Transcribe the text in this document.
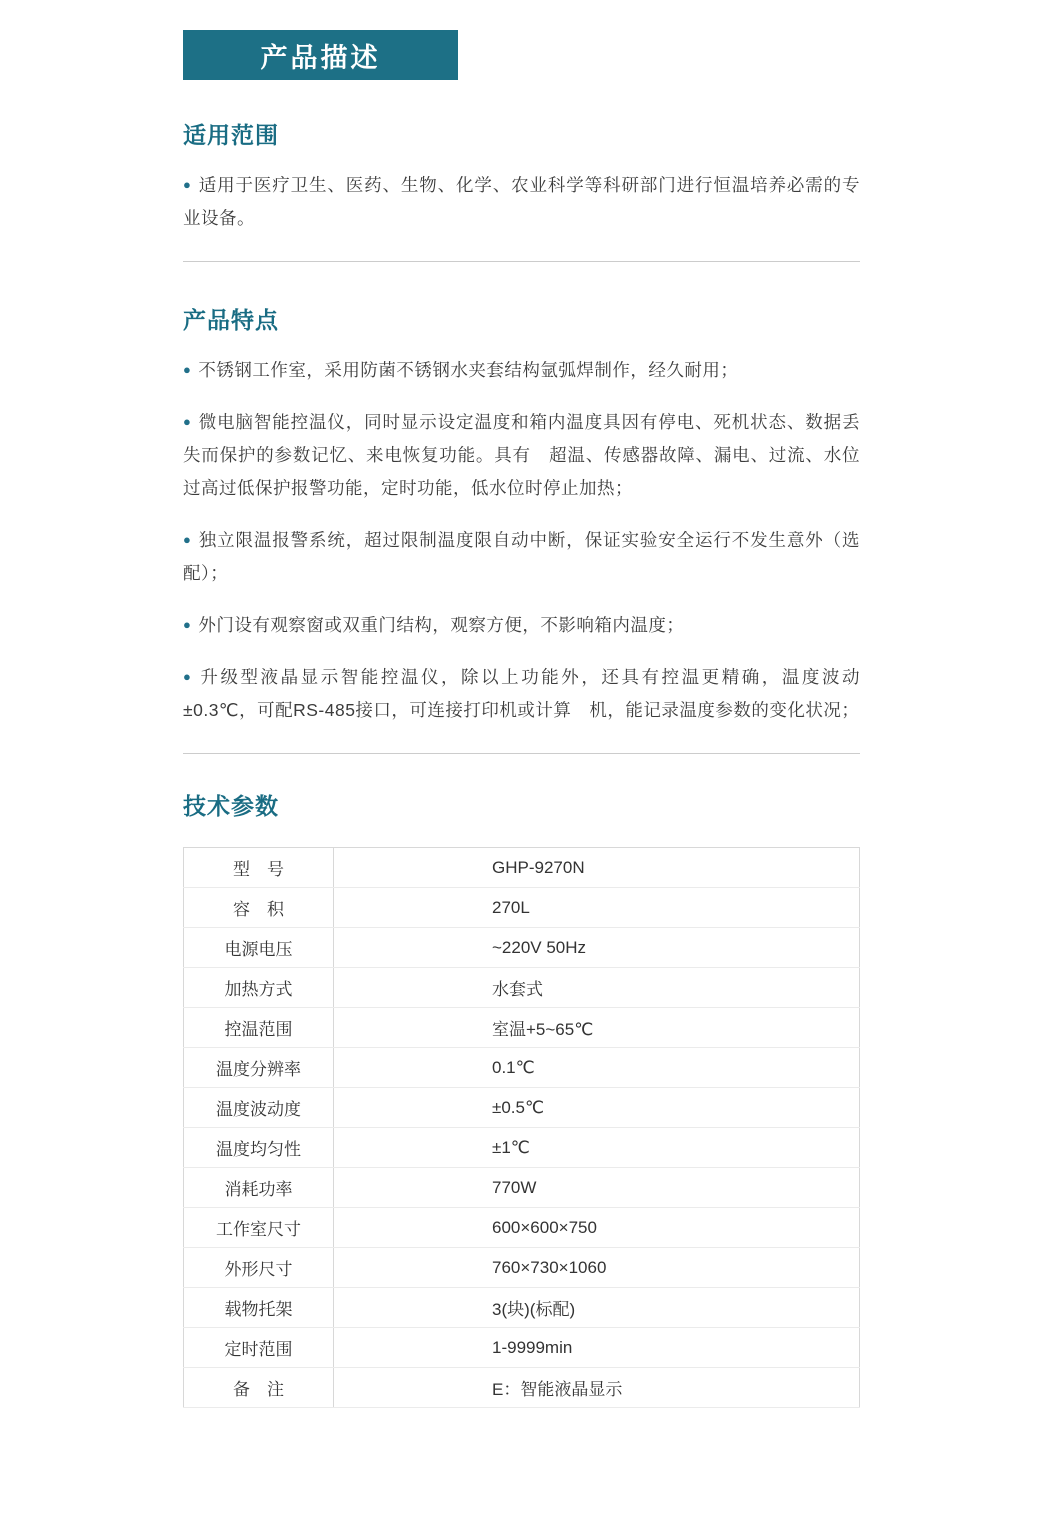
产品描述
适用范围

● 适用于医疗卫生、医药、生物、化学、农业科学等科研部门进行恒温培养必需的专业设备。

产品特点

● 不锈钢工作室，采用防菌不锈钢水夹套结构氩弧焊制作，经久耐用；

● 微电脑智能控温仪，同时显示设定温度和箱内温度具因有停电、死机状态、数据丢失而保护的参数记忆、来电恢复功能。具有　超温、传感器故障、漏电、过流、水位过高过低保护报警功能，定时功能，低水位时停止加热；

● 独立限温报警系统，超过限制温度限自动中断，保证实验安全运行不发生意外（选配）；

● 外门设有观察窗或双重门结构，观察方便，不影响箱内温度；

● 升级型液晶显示智能控温仪，除以上功能外，还具有控温更精确，温度波动±0.3℃，可配RS-485接口，可连接打印机或计算　机，能记录温度参数的变化状况；

技术参数
型　号	GHP-9270N
容　积	270L
电源电压	~220V 50Hz
加热方式	水套式
控温范围	室温+5~65℃
温度分辨率	0.1℃
温度波动度	±0.5℃
温度均匀性	±1℃
消耗功率	770W
工作室尺寸	600×600×750
外形尺寸	760×730×1060
载物托架	3(块)(标配)
定时范围	1-9999min
备　注	E：智能液晶显示
